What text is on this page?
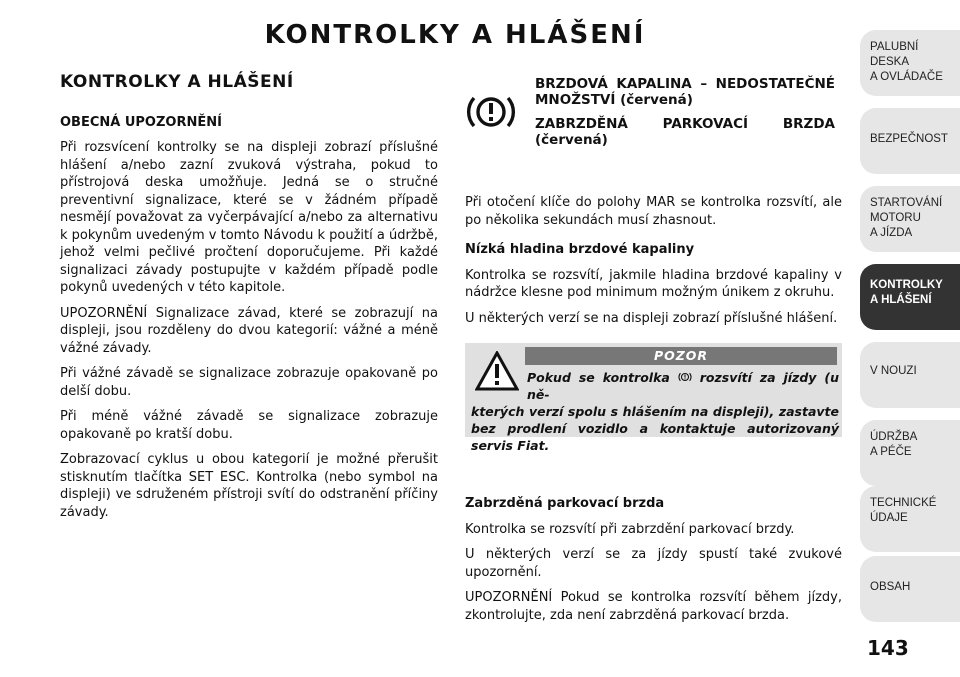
KONTROLKY A HLÁŠENÍ
KONTROLKY A HLÁŠENÍ
OBECNÁ UPOZORNĚNÍ

Při rozsvícení kontrolky se na displeji zobrazí příslušné hlášení a/nebo zazní zvuková výstraha, pokud to přístrojová deska umožňuje. Jedná se o stručné preventivní signalizace, které se v žádném případě nesmějí považovat za vyčerpávající a/nebo za alternativu k pokynům uvedeným v tomto Návodu k použití a údržbě, jehož velmi pečlivé pročtení doporučujeme. Při každé signalizaci závady postupujte v každém případě podle pokynů uvedených v této kapitole.

UPOZORNĚNÍ Signalizace závad, které se zobrazují na displeji, jsou rozděleny do dvou kategorií: vážné a méně vážné závady.

Při vážné závadě se signalizace zobrazuje opakovaně po delší dobu.

Při méně vážné závadě se signalizace zobrazuje opakovaně po kratší dobu.

Zobrazovací cyklus u obou kategorií je možné přerušit stisknutím tlačítka SET ESC. Kontrolka (nebo symbol na displeji) ve sdruženém přístroji svítí do odstranění příčiny závady.

BRZDOVÁ KAPALINA – NEDOSTATEČNÉ MNOŽSTVÍ (červená)
ZABRZDĚNÁ PARKOVACÍ BRZDA (červená)

Při otočení klíče do polohy MAR se kontrolka rozsvítí, ale po několika sekundách musí zhasnout.

Nízká hladina brzdové kapaliny

Kontrolka se rozsvítí, jakmile hladina brzdové kapaliny v nádržce klesne pod minimum možným únikem z okruhu.

U některých verzí se na displeji zobrazí příslušné hlášení.

POZOR
Pokud se kontrolka rozsvítí za jízdy (u ně-
kterých verzí spolu s hlášením na displeji), zastavte bez prodlení vozidlo a kontaktuje autorizovaný servis Fiat.
Zabrzděná parkovací brzda

Kontrolka se rozsvítí při zabrzdění parkovací brzdy.

U některých verzí se za jízdy spustí také zvukové upozornění.

UPOZORNĚNÍ Pokud se kontrolka rozsvítí během jízdy, zkontrolujte, zda není zabrzděná parkovací brzda.

PALUBNÍ DESKA
A OVLÁDAČE
BEZPEČNOST
STARTOVÁNÍ
MOTORU
A JÍZDA
KONTROLKY
A HLÁŠENÍ
V NOUZI
ÚDRŽBA
A PÉČE
TECHNICKÉ
ÚDAJE
OBSAH
143
